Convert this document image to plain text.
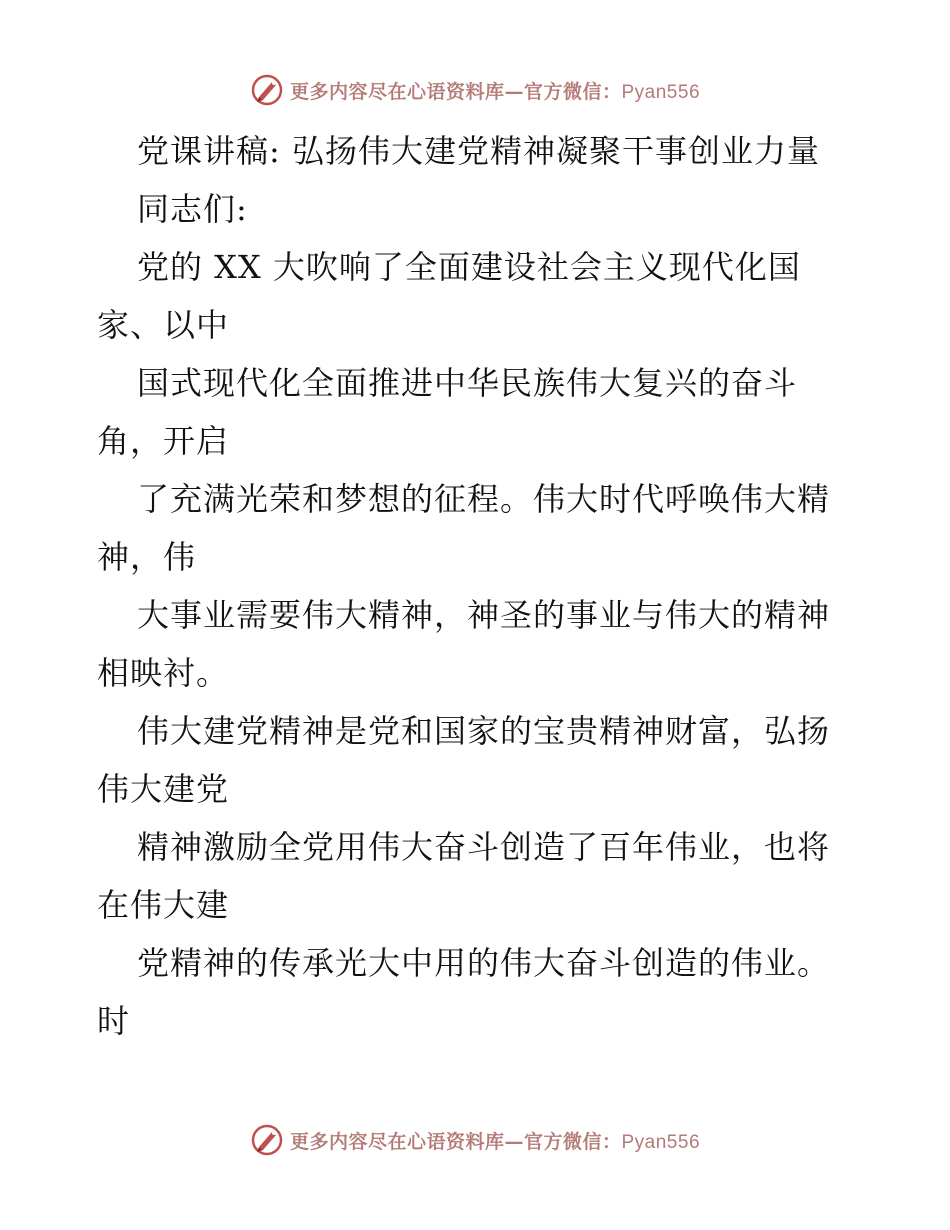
更多内容尽在心语资料库—官方微信：Pyan556
党课讲稿: 弘扬伟大建党精神凝聚干事创业力量
同志们:
党的 XX 大吹响了全面建设社会主义现代化国
家、以中
国式现代化全面推进中华民族伟大复兴的奋斗
角，开启
了充满光荣和梦想的征程。伟大时代呼唤伟大精
神，伟
大事业需要伟大精神，神圣的事业与伟大的精神
相映衬。
伟大建党精神是党和国家的宝贵精神财富，弘扬
伟大建党
精神激励全党用伟大奋斗创造了百年伟业，也将
在伟大建
党精神的传承光大中用的伟大奋斗创造的伟业。
时
更多内容尽在心语资料库—官方微信：Pyan556
